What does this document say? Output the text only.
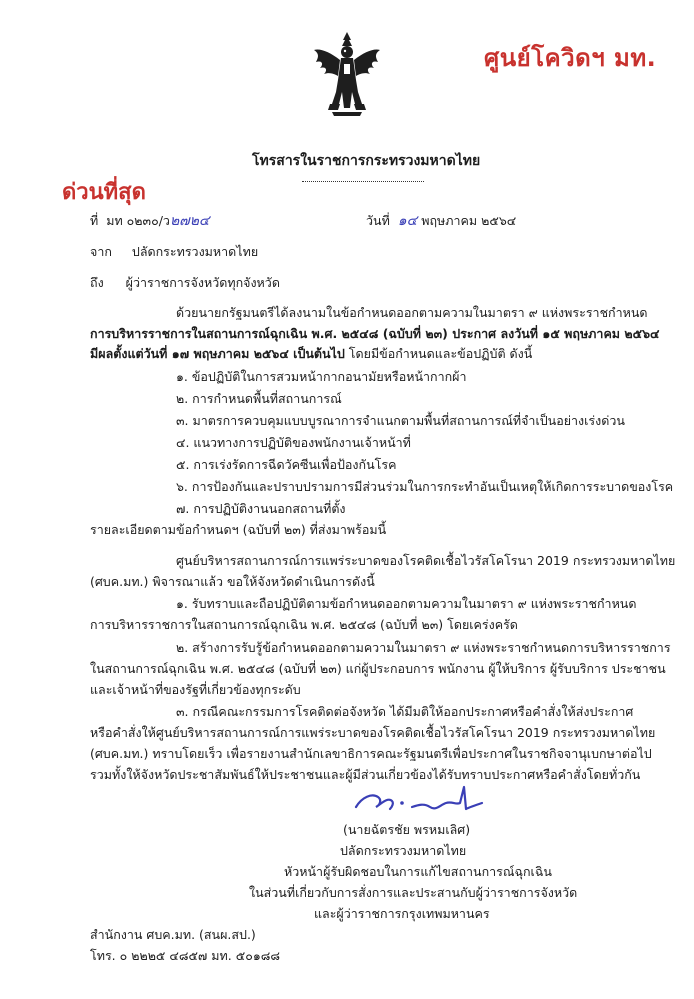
ศูนย์โควิดฯ มท.
โทรสารในราชการกระทรวงมหาดไทย
ด่วนที่สุด
ที่ มท ๐๒๓๐/ว๒๗๒๔	วันที่ ๑๔ พฤษภาคม ๒๕๖๔
จาก ปลัดกระทรวงมหาดไทย
ถึง ผู้ว่าราชการจังหวัดทุกจังหวัด
ด้วยนายกรัฐมนตรีได้ลงนามในข้อกำหนดออกตามความในมาตรา ๙ แห่งพระราชกำหนด
การบริหารราชการในสถานการณ์ฉุกเฉิน พ.ศ. ๒๕๔๘ (ฉบับที่ ๒๓) ประกาศ ลงวันที่ ๑๕ พฤษภาคม ๒๕๖๔
มีผลตั้งแต่วันที่ ๑๗ พฤษภาคม ๒๕๖๔ เป็นต้นไป โดยมีข้อกำหนดและข้อปฏิบัติ ดังนี้
๑. ข้อปฏิบัติในการสวมหน้ากากอนามัยหรือหน้ากากผ้า
๒. การกำหนดพื้นที่สถานการณ์
๓. มาตรการควบคุมแบบบูรณาการจำแนกตามพื้นที่สถานการณ์ที่จำเป็นอย่างเร่งด่วน
๔. แนวทางการปฏิบัติของพนักงานเจ้าหน้าที่
๕. การเร่งรัดการฉีดวัคซีนเพื่อป้องกันโรค
๖. การป้องกันและปราบปรามการมีส่วนร่วมในการกระทำอันเป็นเหตุให้เกิดการระบาดของโรค
๗. การปฏิบัติงานนอกสถานที่ตั้ง
รายละเอียดตามข้อกำหนดฯ (ฉบับที่ ๒๓) ที่ส่งมาพร้อมนี้
ศูนย์บริหารสถานการณ์การแพร่ระบาดของโรคติดเชื้อไวรัสโคโรนา 2019 กระทรวงมหาดไทย
(ศบค.มท.) พิจารณาแล้ว ขอให้จังหวัดดำเนินการดังนี้
๑. รับทราบและถือปฏิบัติตามข้อกำหนดออกตามความในมาตรา ๙ แห่งพระราชกำหนด
การบริหารราชการในสถานการณ์ฉุกเฉิน พ.ศ. ๒๕๔๘ (ฉบับที่ ๒๓) โดยเคร่งครัด
๒. สร้างการรับรู้ข้อกำหนดออกตามความในมาตรา ๙ แห่งพระราชกำหนดการบริหารราชการ
ในสถานการณ์ฉุกเฉิน พ.ศ. ๒๕๔๘ (ฉบับที่ ๒๓) แก่ผู้ประกอบการ พนักงาน ผู้ให้บริการ ผู้รับบริการ ประชาชน
และเจ้าหน้าที่ของรัฐที่เกี่ยวข้องทุกระดับ
๓. กรณีคณะกรรมการโรคติดต่อจังหวัด ได้มีมติให้ออกประกาศหรือคำสั่งให้ส่งประกาศ
หรือคำสั่งให้ศูนย์บริหารสถานการณ์การแพร่ระบาดของโรคติดเชื้อไวรัสโคโรนา 2019 กระทรวงมหาดไทย
(ศบค.มท.) ทราบโดยเร็ว เพื่อรายงานสำนักเลขาธิการคณะรัฐมนตรีเพื่อประกาศในราชกิจจานุเบกษาต่อไป
รวมทั้งให้จังหวัดประชาสัมพันธ์ให้ประชาชนและผู้มีส่วนเกี่ยวข้องได้รับทราบประกาศหรือคำสั่งโดยทั่วกัน
(นายฉัตรชัย พรหมเลิศ)
ปลัดกระทรวงมหาดไทย
หัวหน้าผู้รับผิดชอบในการแก้ไขสถานการณ์ฉุกเฉิน
ในส่วนที่เกี่ยวกับการสั่งการและประสานกับผู้ว่าราชการจังหวัด
และผู้ว่าราชการกรุงเทพมหานคร
สำนักงาน ศบค.มท. (สนผ.สป.)
โทร. ๐ ๒๒๒๕ ๔๘๕๗ มท. ๕๐๑๘๘
